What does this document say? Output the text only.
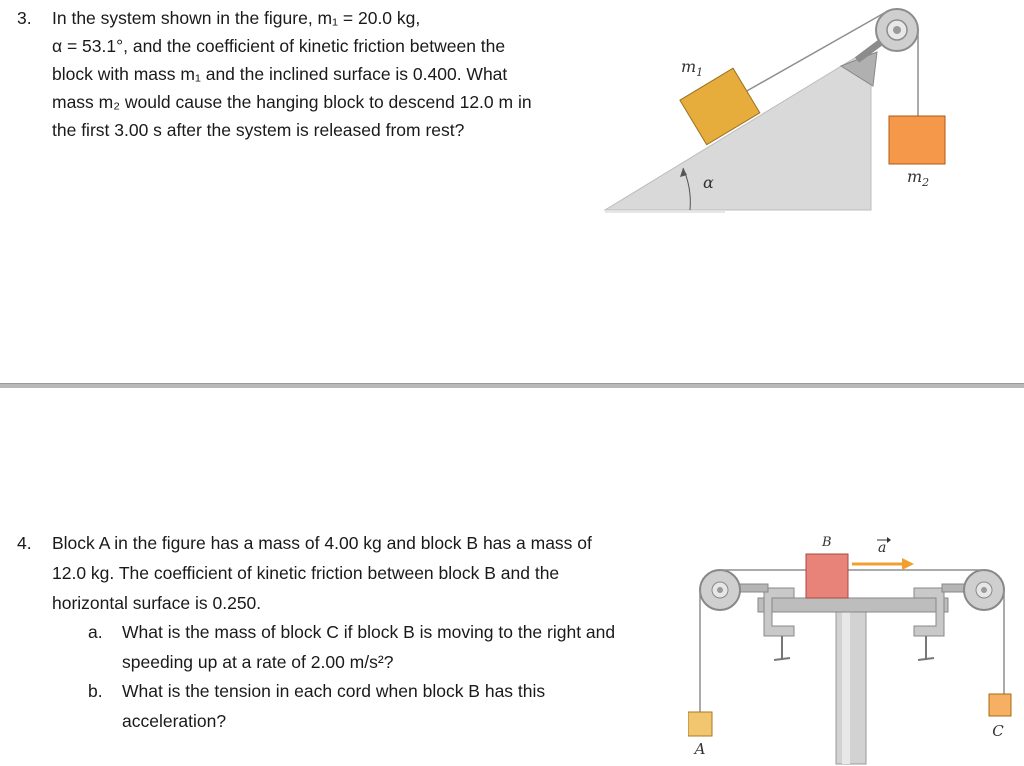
3. In the system shown in the figure, m₁ = 20.0 kg,
α = 53.1°, and the coefficient of kinetic friction between the
block with mass m₁ and the inclined surface is 0.400. What
mass m₂ would cause the hanging block to descend 12.0 m in
the first 3.00 s after the system is released from rest?
$m_1$
$m_2$
α
4. Block A in the figure has a mass of 4.00 kg and block B has a mass of
12.0 kg. The coefficient of kinetic friction between block B and the
horizontal surface is 0.250.
a. What is the mass of block C if block B is moving to the right and
speeding up at a rate of 2.00 m/s²?
b. What is the tension in each cord when block B has this
acceleration?
B	a
A
C
